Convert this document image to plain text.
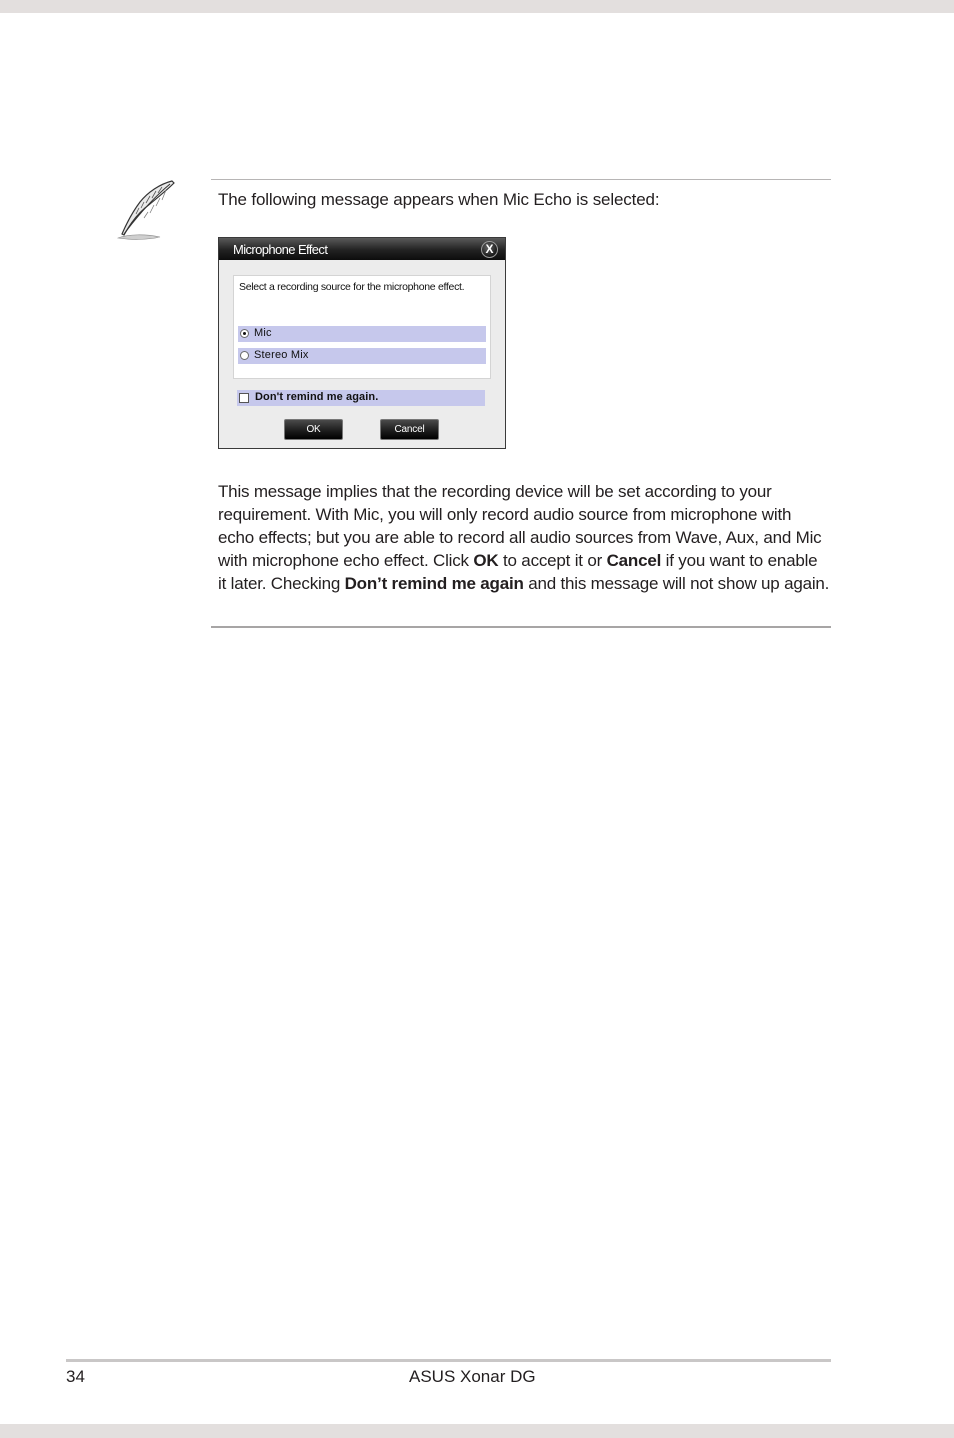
The following message appears when Mic Echo is selected:

Microphone Effect	X
Select a recording source for the microphone effect.
Mic
Stereo Mix
Don't remind me again.
OK	Cancel

This message implies that the recording device will be set according to your requirement. With Mic, you will only record audio source from microphone with echo effects; but you are able to record all audio sources from Wave, Aux, and Mic with microphone echo effect. Click OK to accept it or Cancel if you want to enable it later. Checking Don’t remind me again and this message will not show up again.

34	ASUS Xonar DG
